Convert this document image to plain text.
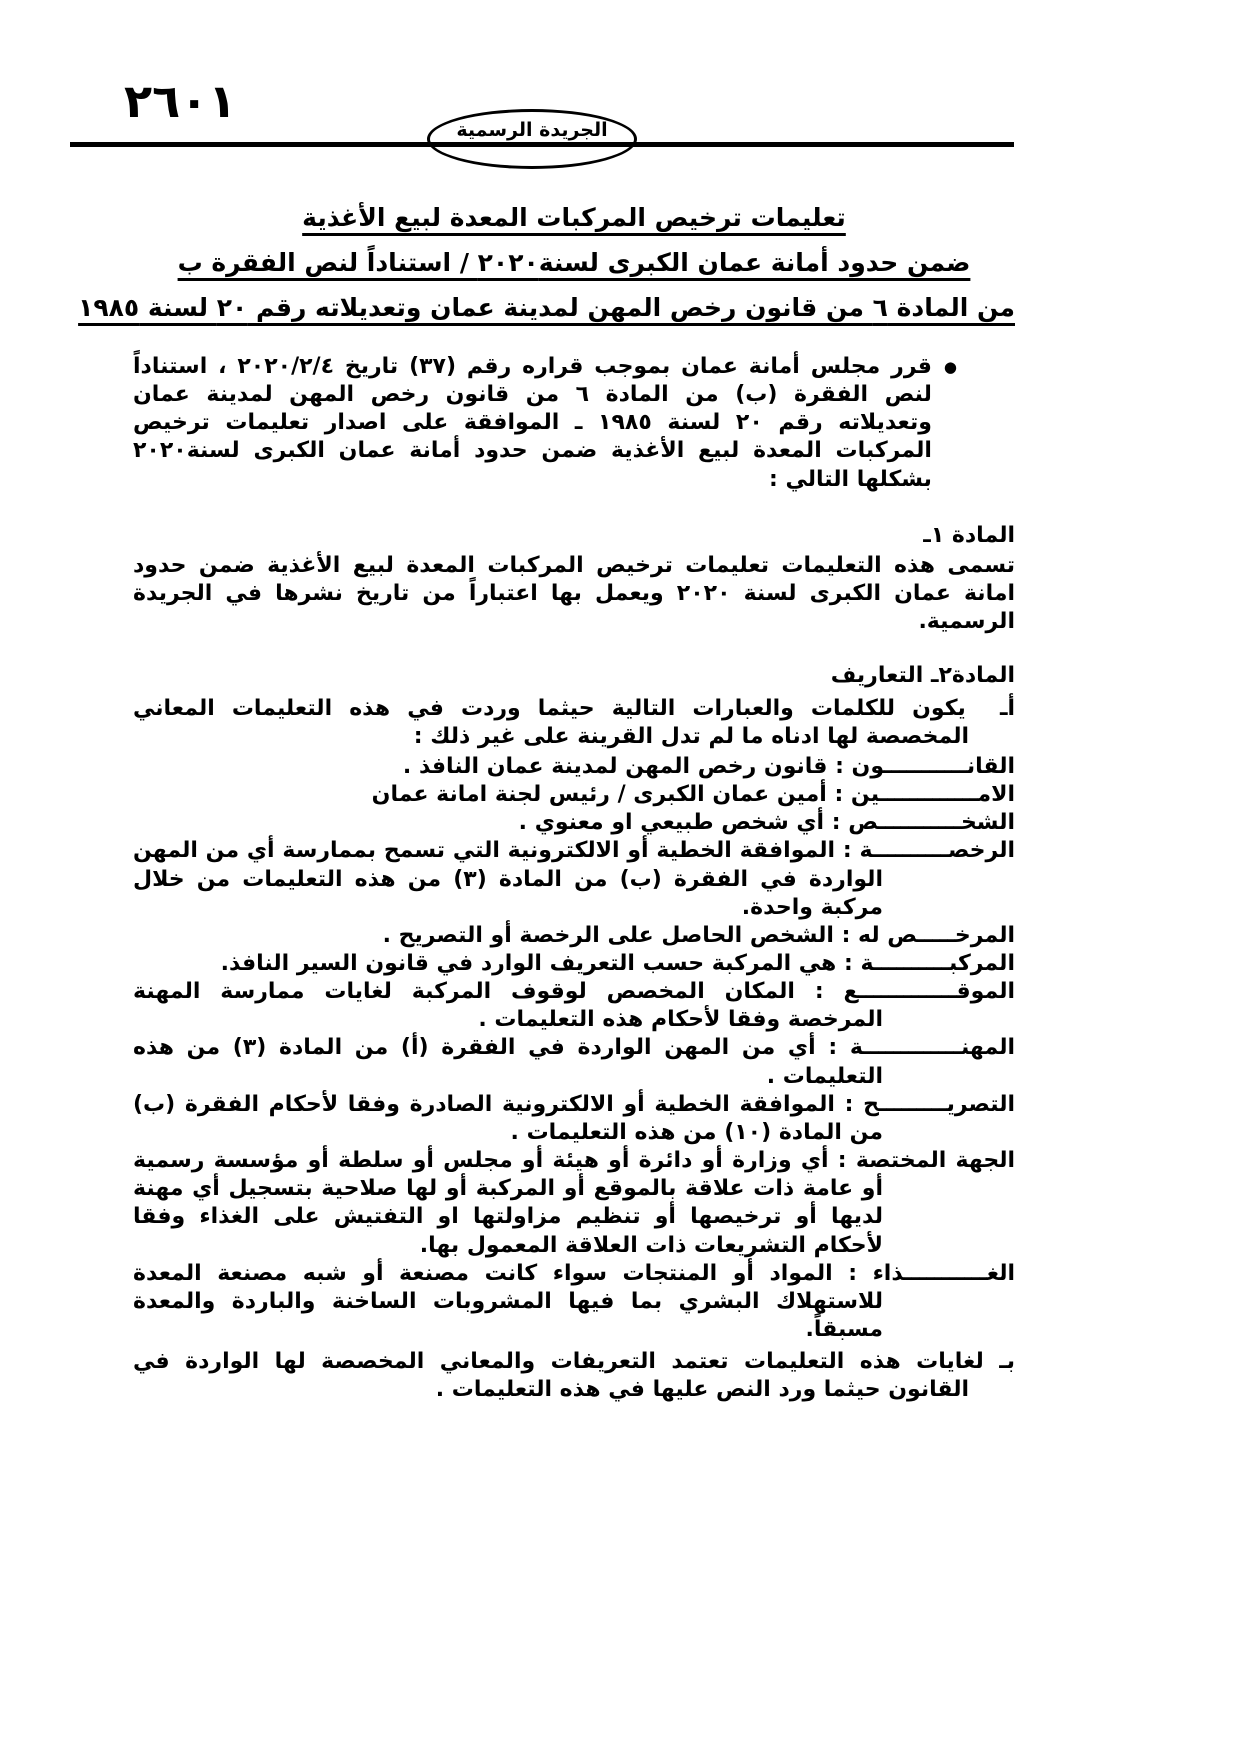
٢٦٠١
الجريدة الرسمية
تعليمات ترخيص المركبات المعدة لبيع الأغذية
ضمن حدود أمانة عمان الكبرى لسنة٢٠٢٠ / استناداً لنص الفقرة ب
من المادة ٦ من قانون رخص المهن لمدينة عمان وتعديلاته رقم ٢٠ لسنة ١٩٨٥
●
قرر مجلس أمانة عمان بموجب قراره رقم (٣٧) تاريخ ٢٠٢٠/٢/٤ ، استناداً لنص الفقرة (ب) من المادة ٦ من قانون رخص المهن لمدينة عمان وتعديلاته رقم ٢٠ لسنة ١٩٨٥ ـ الموافقة على اصدار تعليمات ترخيص المركبات المعدة لبيع الأغذية ضمن حدود أمانة عمان الكبرى لسنة٢٠٢٠ بشكلها التالي :
المادة ١ـ
تسمى هذه التعليمات تعليمات ترخيص المركبات المعدة لبيع الأغذية ضمن حدود امانة عمان الكبرى لسنة ٢٠٢٠ ويعمل بها اعتباراً من تاريخ نشرها في الجريدة الرسمية.
المادة٢ـ التعاريف

أـ  يكون للكلمات والعبارات التالية حيثما وردت في هذه التعليمات المعاني المخصصة لها ادناه ما لم تدل القرينة على غير ذلك :

القانـــــــــــون : قانون رخص المهن لمدينة عمان النافذ .

الامـــــــــــــين : أمين عمان الكبرى / رئيس لجنة امانة عمان

الشخـــــــــــص : أي شخص طبيعي او معنوي .

الرخصــــــــــة : الموافقة الخطية أو الالكترونية التي تسمح بممارسة أي من المهن الواردة في الفقرة (ب) من المادة (٣) من هذه التعليمات من خلال مركبة واحدة.

المرخـــــص له : الشخص الحاصل على الرخصة أو التصريح .

المركبــــــــــة : هي المركبة حسب التعريف الوارد في قانون السير النافذ.

الموقـــــــــــــع : المكان المخصص لوقوف المركبة لغايات ممارسة المهنة المرخصة وفقا لأحكام هذه التعليمات .

المهنـــــــــــــة : أي من المهن الواردة في الفقرة (أ) من المادة (٣) من هذه التعليمات .

التصريـــــــــح : الموافقة الخطية أو الالكترونية الصادرة وفقا لأحكام الفقرة (ب) من المادة (١٠) من هذه التعليمات .

الجهة المختصة : أي وزارة أو دائرة أو هيئة أو مجلس أو سلطة أو مؤسسة رسمية أو عامة ذات علاقة بالموقع أو المركبة أو لها صلاحية بتسجيل أي مهنة لديها أو ترخيصها أو تنظيم مزاولتها او التفتيش على الغذاء وفقا لأحكام التشريعات ذات العلاقة المعمول بها.

الغـــــــــــذاء : المواد أو المنتجات سواء كانت مصنعة أو شبه مصنعة المعدة للاستهلاك البشري بما فيها المشروبات الساخنة والباردة والمعدة مسبقاً.

بـ لغايات هذه التعليمات تعتمد التعريفات والمعاني المخصصة لها الواردة في القانون حيثما ورد النص عليها في هذه التعليمات .
